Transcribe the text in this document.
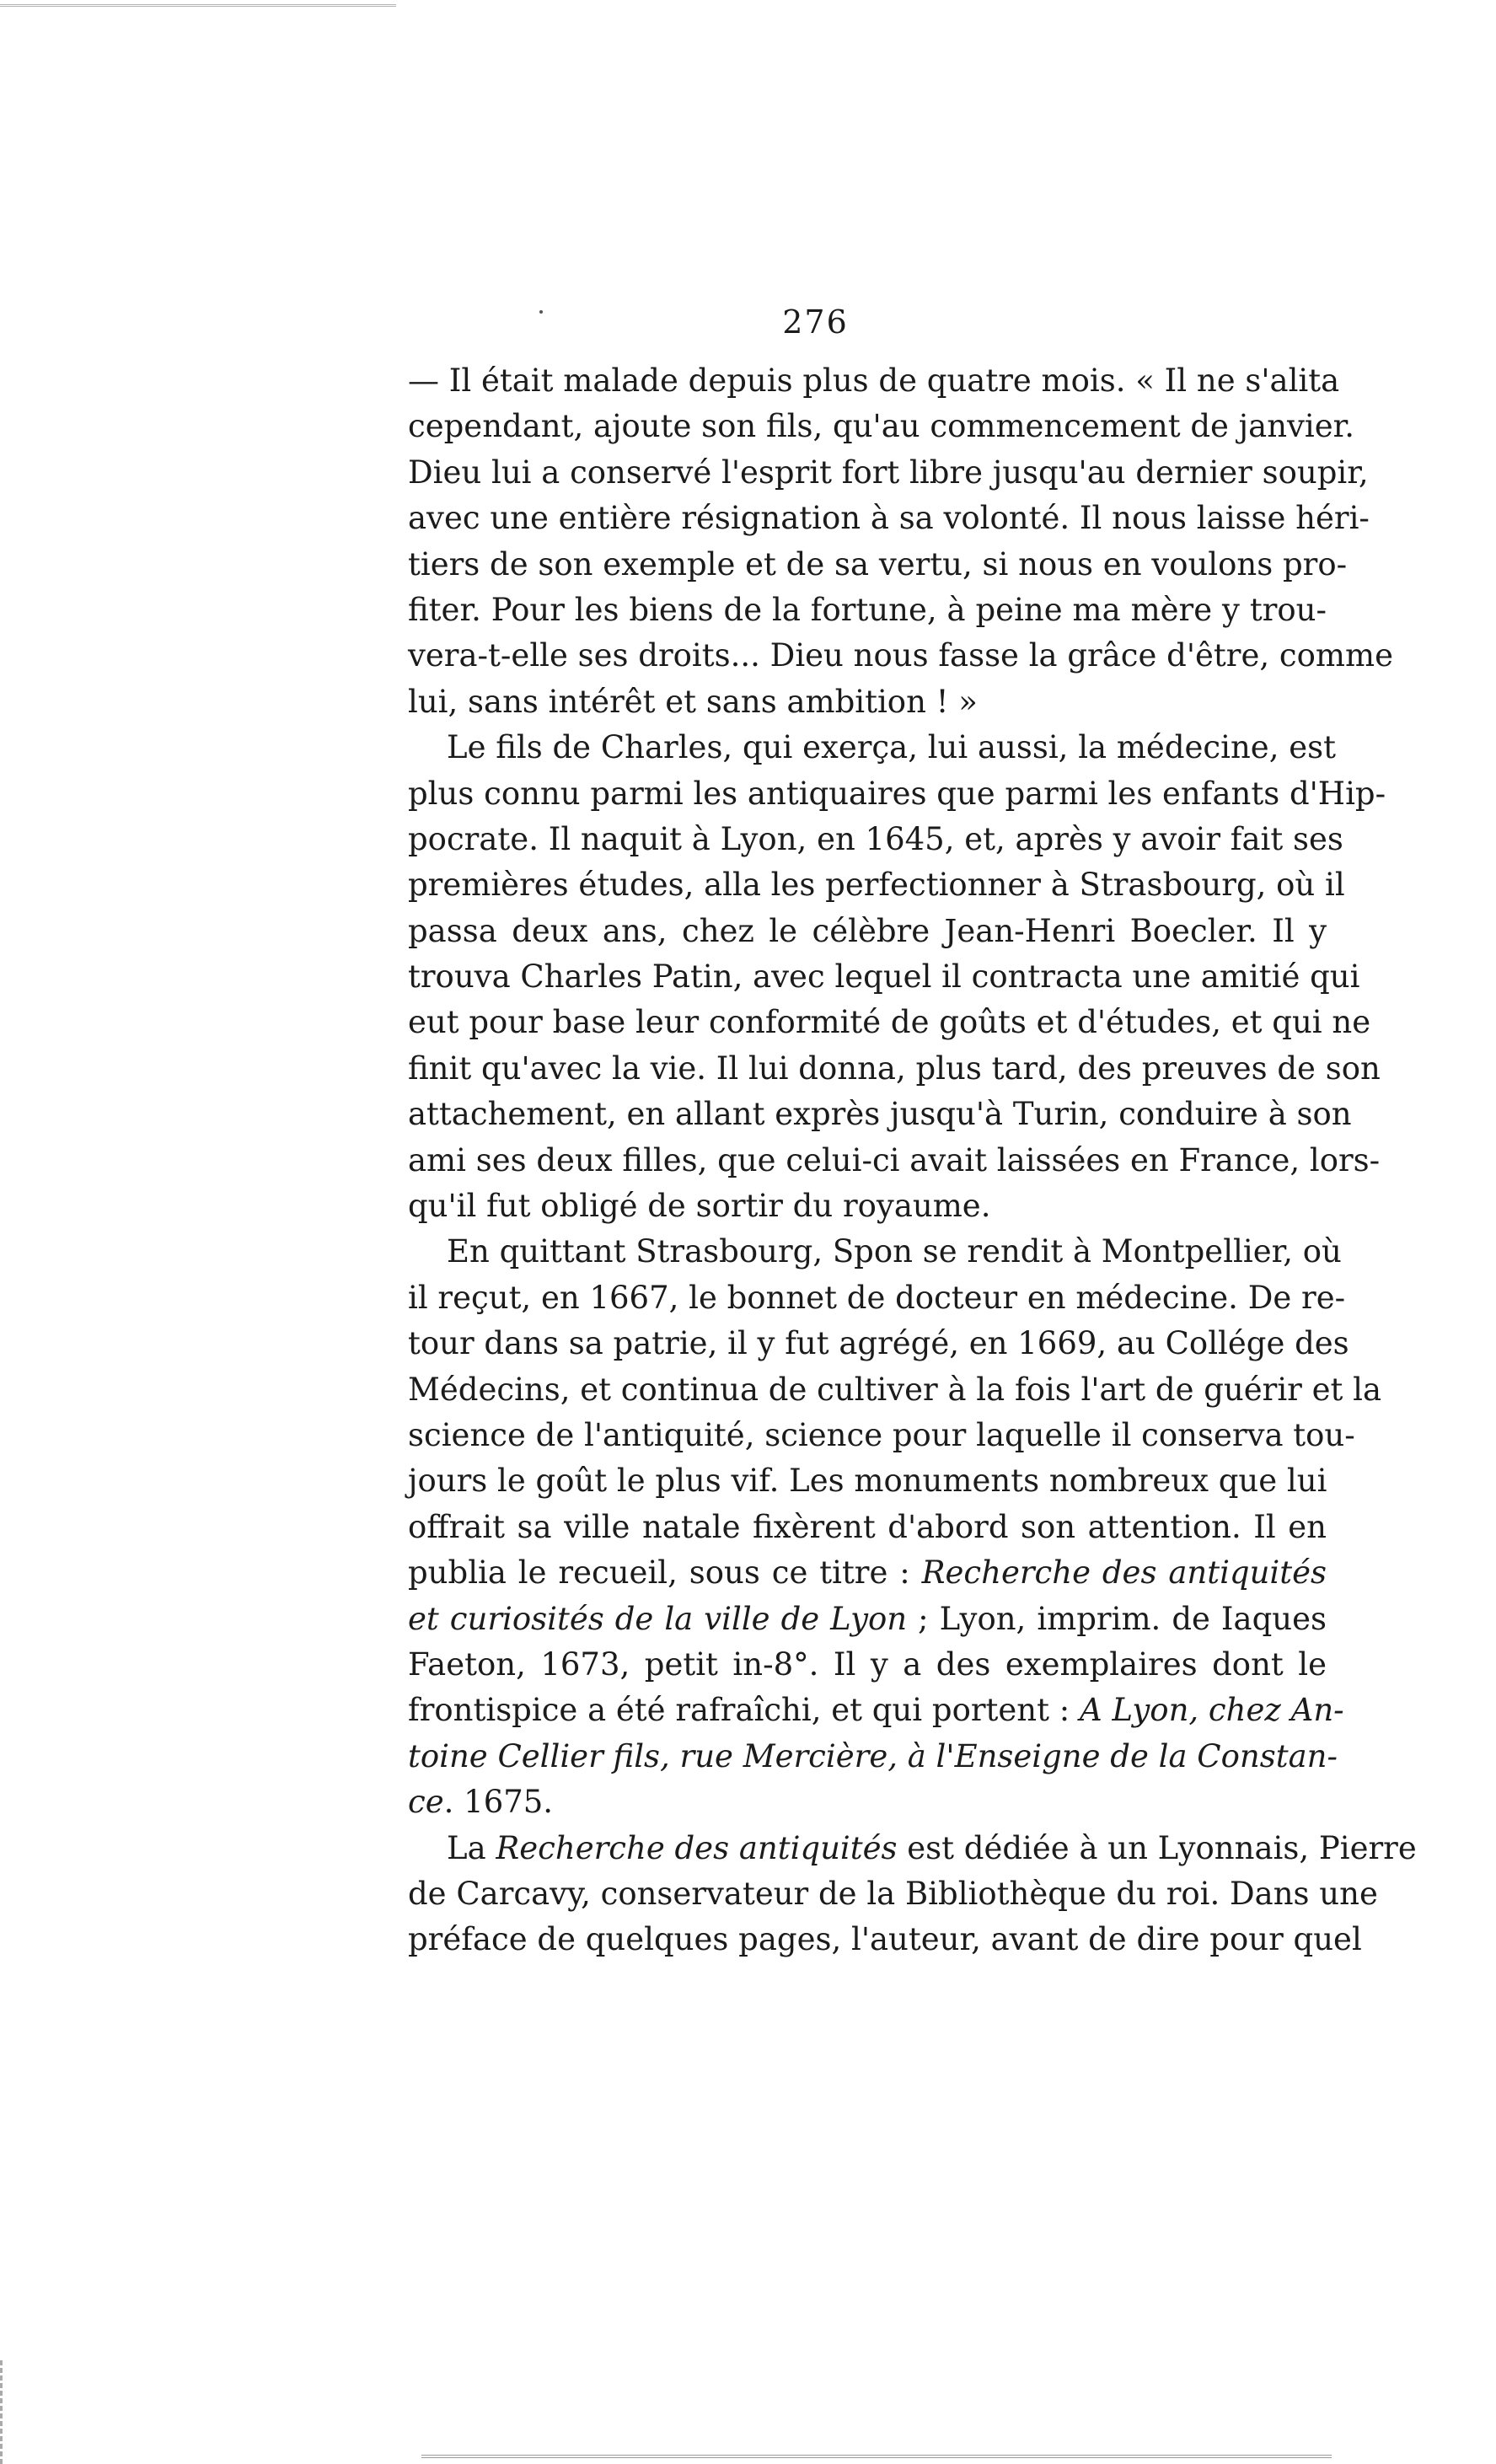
276
— Il était malade depuis plus de quatre mois. « Il ne s'alita
cependant, ajoute son fils, qu'au commencement de janvier.
Dieu lui a conservé l'esprit fort libre jusqu'au dernier soupir,
avec une entière résignation à sa volonté. Il nous laisse héri-
tiers de son exemple et de sa vertu, si nous en voulons pro-
fiter. Pour les biens de la fortune, à peine ma mère y trou-
vera-t-elle ses droits... Dieu nous fasse la grâce d'être, comme
lui, sans intérêt et sans ambition ! »
Le fils de Charles, qui exerça, lui aussi, la médecine, est
plus connu parmi les antiquaires que parmi les enfants d'Hip-
pocrate. Il naquit à Lyon, en 1645, et, après y avoir fait ses
premières études, alla les perfectionner à Strasbourg, où il
passa deux ans, chez le célèbre Jean-Henri Boecler. Il y
trouva Charles Patin, avec lequel il contracta une amitié qui
eut pour base leur conformité de goûts et d'études, et qui ne
finit qu'avec la vie. Il lui donna, plus tard, des preuves de son
attachement, en allant exprès jusqu'à Turin, conduire à son
ami ses deux filles, que celui-ci avait laissées en France, lors-
qu'il fut obligé de sortir du royaume.
En quittant Strasbourg, Spon se rendit à Montpellier, où
il reçut, en 1667, le bonnet de docteur en médecine. De re-
tour dans sa patrie, il y fut agrégé, en 1669, au Collége des
Médecins, et continua de cultiver à la fois l'art de guérir et la
science de l'antiquité, science pour laquelle il conserva tou-
jours le goût le plus vif. Les monuments nombreux que lui
offrait sa ville natale fixèrent d'abord son attention. Il en
publia le recueil, sous ce titre : Recherche des antiquités
et curiosités de la ville de Lyon ; Lyon, imprim. de Iaques
Faeton, 1673, petit in-8°. Il y a des exemplaires dont le
frontispice a été rafraîchi, et qui portent : A Lyon, chez An-
toine Cellier fils, rue Mercière, à l'Enseigne de la Constan-
ce. 1675.
La Recherche des antiquités est dédiée à un Lyonnais, Pierre
de Carcavy, conservateur de la Bibliothèque du roi. Dans une
préface de quelques pages, l'auteur, avant de dire pour quel
